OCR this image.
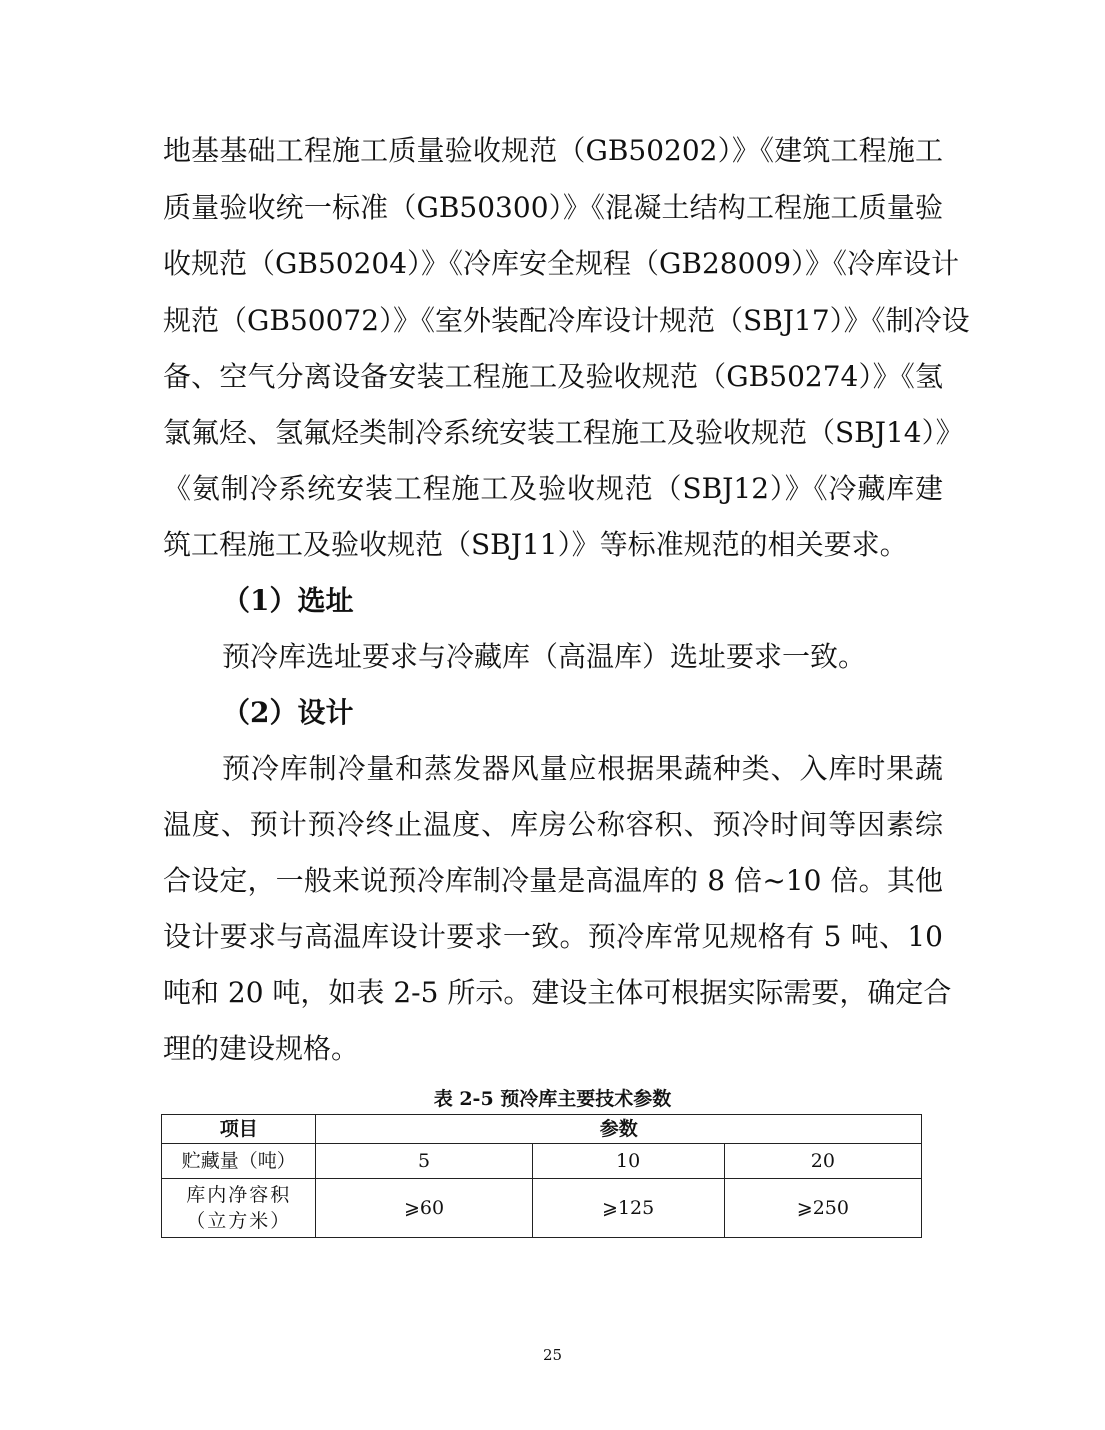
地基基础工程施工质量验收规范（GB50202）》《建筑工程施工
质量验收统一标准（GB50300）》《混凝土结构工程施工质量验
收规范（GB50204）》《冷库安全规程（GB28009）》《冷库设计
规范（GB50072）》《室外装配冷库设计规范（SBJ17）》《制冷设
备、空气分离设备安装工程施工及验收规范（GB50274）》《氢
氯氟烃、氢氟烃类制冷系统安装工程施工及验收规范（SBJ14）》
《氨制冷系统安装工程施工及验收规范（SBJ12）》《冷藏库建
筑工程施工及验收规范（SBJ11）》等标准规范的相关要求。
（1）选址
预冷库选址要求与冷藏库（高温库）选址要求一致。
（2）设计
预冷库制冷量和蒸发器风量应根据果蔬种类、入库时果蔬
温度、预计预冷终止温度、库房公称容积、预冷时间等因素综
合设定，一般来说预冷库制冷量是高温库的 8 倍~10 倍。其他
设计要求与高温库设计要求一致。预冷库常见规格有 5 吨、10
吨和 20 吨，如表 2-5 所示。建设主体可根据实际需要，确定合
理的建设规格。
表 2-5 预冷库主要技术参数
项目	参数		
贮藏量（吨）	5	10	20

库内净容积
（立方米）	⩾60	⩾125	⩾250
25
